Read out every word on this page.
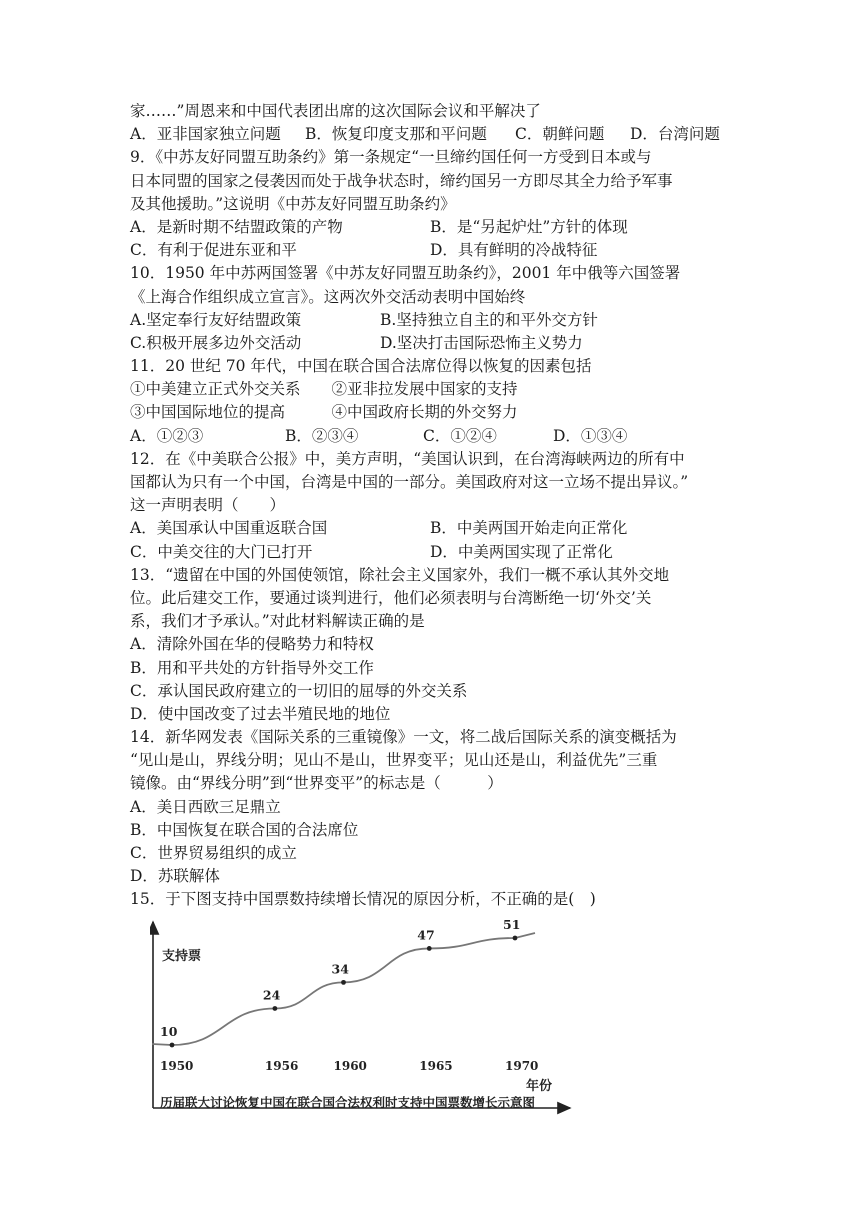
家……”周恩来和中国代表团出席的这次国际会议和平解决了
A．亚非国家独立问题	B．恢复印度支那和平问题	C．朝鲜问题	D．台湾问题
9．《中苏友好同盟互助条约》第一条规定“一旦缔约国任何一方受到日本或与
日本同盟的国家之侵袭因而处于战争状态时，缔约国另一方即尽其全力给予军事
及其他援助。”这说明《中苏友好同盟互助条约》
A．是新时期不结盟政策的产物	B．是“另起炉灶”方针的体现
C．有利于促进东亚和平	D．具有鲜明的冷战特征
10．1950 年中苏两国签署《中苏友好同盟互助条约》，2001 年中俄等六国签署
《上海合作组织成立宣言》。这两次外交活动表明中国始终
A.坚定奉行友好结盟政策	B.坚持独立自主的和平外交方针
C.积极开展多边外交活动	D.坚决打击国际恐怖主义势力
11．20 世纪 70 年代，中国在联合国合法席位得以恢复的因素包括
①中美建立正式外交关系　　②亚非拉发展中国家的支持
③中国国际地位的提高　　　④中国政府长期的外交努力
A．①②③	B．②③④	C．①②④	D．①③④
12．在《中美联合公报》中，美方声明，“美国认识到，在台湾海峡两边的所有中
国都认为只有一个中国，台湾是中国的一部分。美国政府对这一立场不提出异议。”
这一声明表明（　　）
A．美国承认中国重返联合国	B．中美两国开始走向正常化
C．中美交往的大门已打开	D．中美两国实现了正常化
13．“遗留在中国的外国使领馆，除社会主义国家外，我们一概不承认其外交地
位。此后建交工作，要通过谈判进行，他们必须表明与台湾断绝一切‘外交’关
系，我们才予承认。”对此材料解读正确的是
A．清除外国在华的侵略势力和特权
B．用和平共处的方针指导外交工作
C．承认国民政府建立的一切旧的屈辱的外交关系
D．使中国改变了过去半殖民地的地位
14．新华网发表《国际关系的三重镜像》一文，将二战后国际关系的演变概括为
“见山是山，界线分明；见山不是山，世界变平；见山还是山，利益优先”三重
镜像。由“界线分明”到“世界变平”的标志是（　　　）
A．美日西欧三足鼎立
B．中国恢复在联合国的合法席位
C．世界贸易组织的成立
D．苏联解体
15．于下图支持中国票数持续增长情况的原因分析，不正确的是(　)
支持票
年份
10
1950
24
1956
34
1960
47
1965
51
1970
历届联大讨论恢复中国在联合国合法权利时支持中国票数增长示意图
